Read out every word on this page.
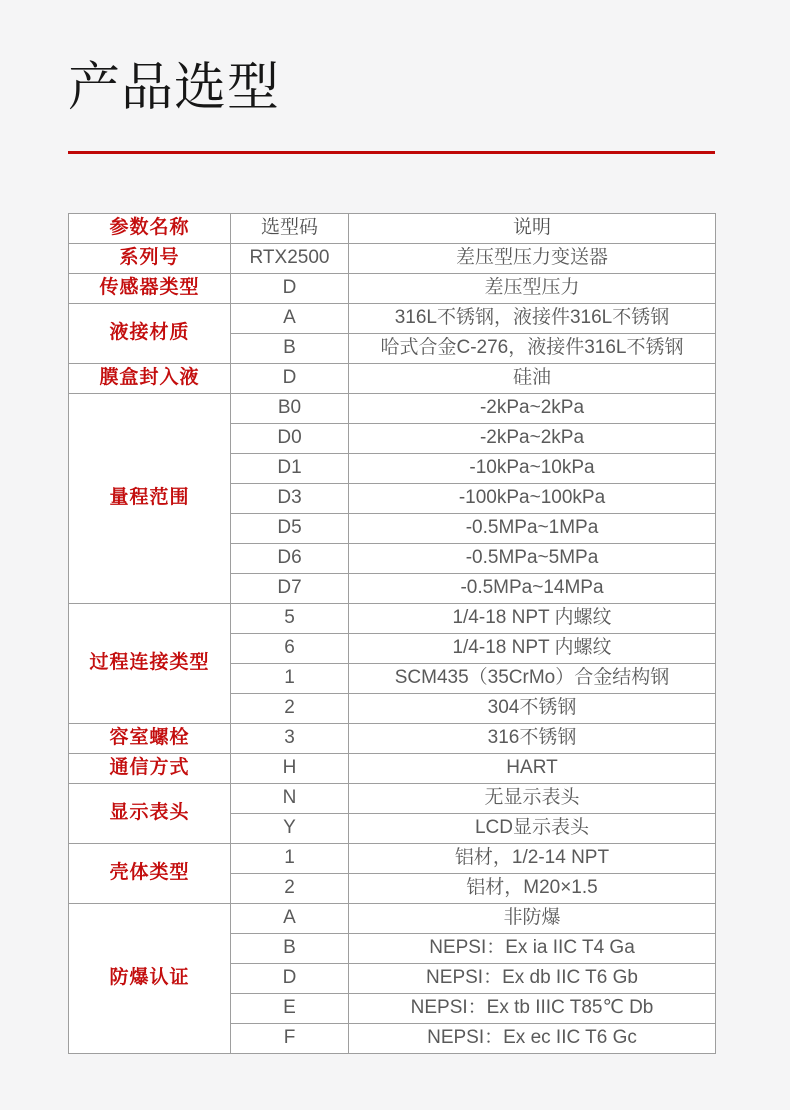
产品选型
参数名称	选型码	说明
系列号	RTX2500	差压型压力变送器
传感器类型	D	差压型压力
液接材质	A	316L不锈钢，液接件316L不锈钢
	B	哈式合金C-276，液接件316L不锈钢
膜盒封入液	D	硅油
量程范围	B0	-2kPa~2kPa
	D0	-2kPa~2kPa
	D1	-10kPa~10kPa
	D3	-100kPa~100kPa
	D5	-0.5MPa~1MPa
	D6	-0.5MPa~5MPa
	D7	-0.5MPa~14MPa
过程连接类型	5	1/4-18 NPT 内螺纹
	6	1/4-18 NPT 内螺纹
	1	SCM435（35CrMo）合金结构钢
	2	304不锈钢
容室螺栓	3	316不锈钢
通信方式	H	HART
显示表头	N	无显示表头
	Y	LCD显示表头
壳体类型	1	铝材，1/2-14 NPT
	2	铝材，M20×1.5
防爆认证	A	非防爆
	B	NEPSI：Ex ia IIC T4 Ga
	D	NEPSI：Ex db IIC T6 Gb
	E	NEPSI：Ex tb IIIC T85℃ Db
	F	NEPSI：Ex ec IIC T6 Gc
